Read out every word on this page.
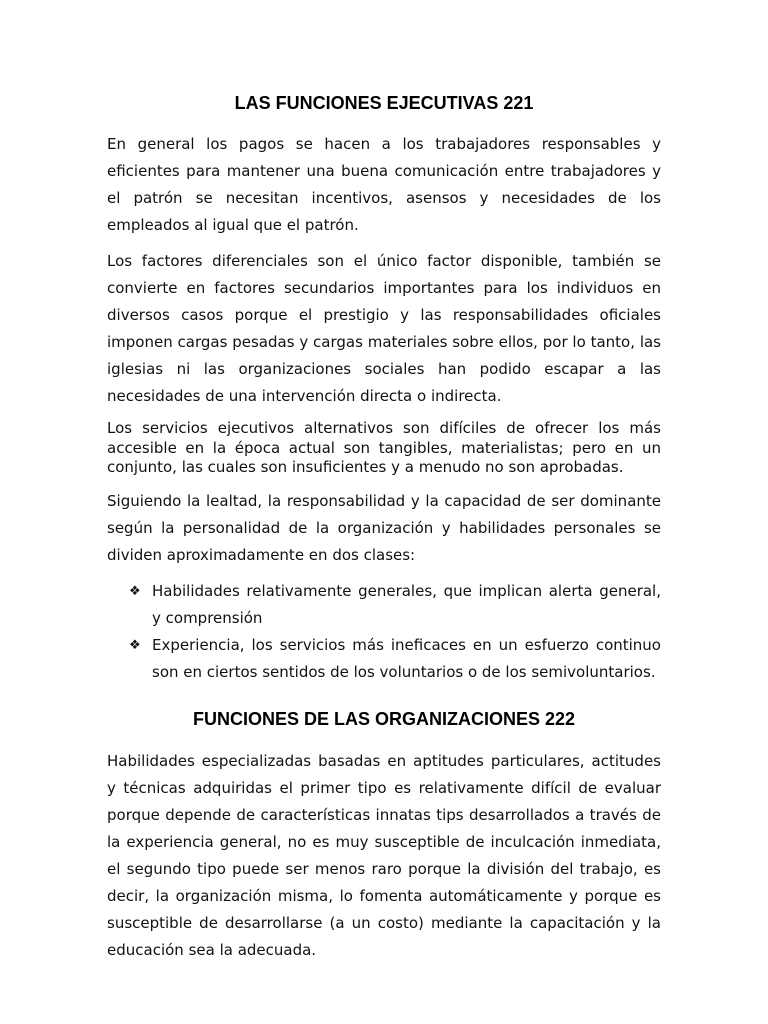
LAS FUNCIONES EJECUTIVAS 221

En general los pagos se hacen a los trabajadores responsables y eficientes para mantener una buena comunicación entre trabajadores y el patrón se necesitan incentivos, asensos y necesidades de los empleados al igual que el patrón.

Los factores diferenciales son el único factor disponible, también se convierte en factores secundarios importantes para los individuos en diversos casos porque el prestigio y las responsabilidades oficiales imponen cargas pesadas y cargas materiales sobre ellos, por lo tanto, las iglesias ni las organizaciones sociales han podido escapar a las necesidades de una intervención directa o indirecta.

Los servicios ejecutivos alternativos son difíciles de ofrecer los más accesible en la época actual son tangibles, materialistas; pero en un conjunto, las cuales son insuficientes y a menudo no son aprobadas.

Siguiendo la lealtad, la responsabilidad y la capacidad de ser dominante según la personalidad de la organización y habilidades personales se dividen aproximadamente en dos clases:

❖ Habilidades relativamente generales, que implican alerta general, y comprensión
❖ Experiencia, los servicios más ineficaces en un esfuerzo continuo son en ciertos sentidos de los voluntarios o de los semivoluntarios.
FUNCIONES DE LAS ORGANIZACIONES 222

Habilidades especializadas basadas en aptitudes particulares, actitudes y técnicas adquiridas el primer tipo es relativamente difícil de evaluar porque depende de características innatas tips desarrollados a través de la experiencia general, no es muy susceptible de inculcación inmediata, el segundo tipo puede ser menos raro porque la división del trabajo, es decir, la organización misma, lo fomenta automáticamente y porque es susceptible de desarrollarse (a un costo) mediante la capacitación y la educación sea la adecuada.
